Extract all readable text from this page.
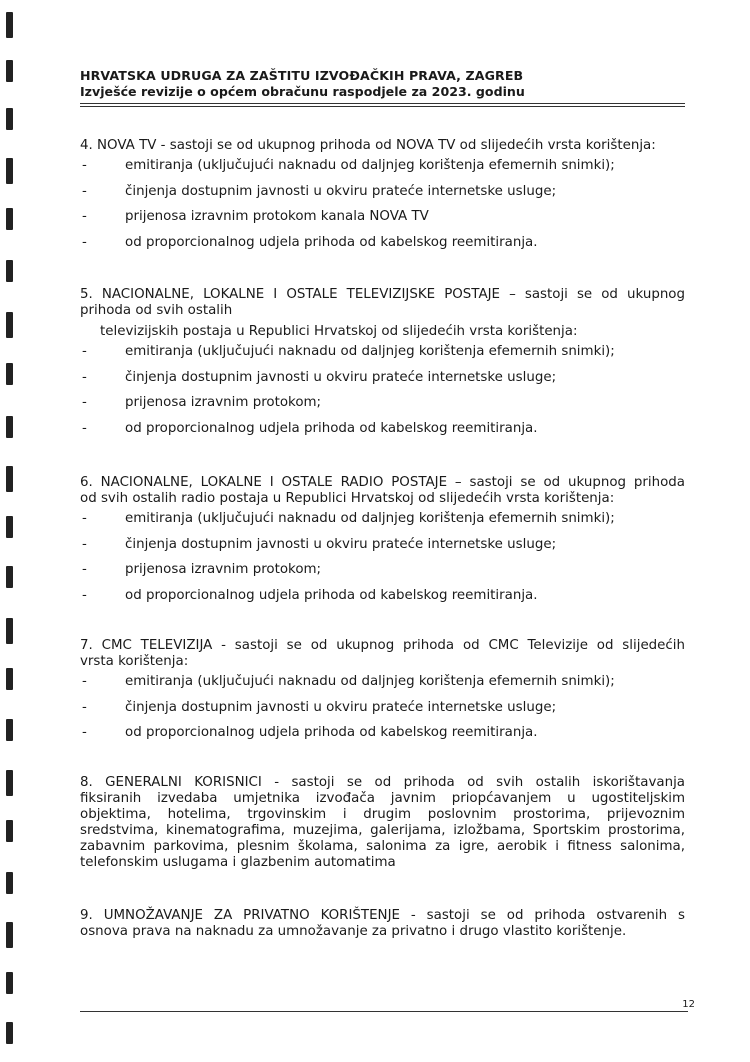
HRVATSKA UDRUGA ZA ZAŠTITU IZVOĐAČKIH PRAVA, ZAGREB
Izvješće revizije o općem obračunu raspodjele za 2023. godinu
4. NOVA TV - sastoji se od ukupnog prihoda od NOVA TV od slijedećih vrsta korištenja:
-	emitiranja (uključujući naknadu od daljnjeg korištenja efemernih snimki);
-	činjenja dostupnim javnosti u okviru prateće internetske usluge;
-	prijenosa izravnim protokom kanala NOVA TV
-	od proporcionalnog udjela prihoda od kabelskog reemitiranja.
5. NACIONALNE, LOKALNE I OSTALE TELEVIZIJSKE POSTAJE – sastoji se od ukupnog
prihoda od svih ostalih
televizijskih postaja u Republici Hrvatskoj od slijedećih vrsta korištenja:
-	emitiranja (uključujući naknadu od daljnjeg korištenja efemernih snimki);
-	činjenja dostupnim javnosti u okviru prateće internetske usluge;
-	prijenosa izravnim protokom;
-	od proporcionalnog udjela prihoda od kabelskog reemitiranja.
6. NACIONALNE, LOKALNE I OSTALE RADIO POSTAJE – sastoji se od ukupnog prihoda
od svih ostalih radio postaja u Republici Hrvatskoj od slijedećih vrsta korištenja:
-	emitiranja (uključujući naknadu od daljnjeg korištenja efemernih snimki);
-	činjenja dostupnim javnosti u okviru prateće internetske usluge;
-	prijenosa izravnim protokom;
-	od proporcionalnog udjela prihoda od kabelskog reemitiranja.
7. CMC TELEVIZIJA - sastoji se od ukupnog prihoda od CMC Televizije od slijedećih
vrsta korištenja:
-	emitiranja (uključujući naknadu od daljnjeg korištenja efemernih snimki);
-	činjenja dostupnim javnosti u okviru prateće internetske usluge;
-	od proporcionalnog udjela prihoda od kabelskog reemitiranja.
8. GENERALNI KORISNICI - sastoji se od prihoda od svih ostalih iskorištavanja
fiksiranih izvedaba umjetnika izvođača javnim priopćavanjem u ugostiteljskim
objektima, hotelima, trgovinskim i drugim poslovnim prostorima, prijevoznim
sredstvima, kinematografima, muzejima, galerijama, izložbama, Sportskim prostorima,
zabavnim parkovima, plesnim školama, salonima za igre, aerobik i fitness salonima,
telefonskim uslugama i glazbenim automatima
9. UMNOŽAVANJE ZA PRIVATNO KORIŠTENJE - sastoji se od prihoda ostvarenih s
osnova prava na naknadu za umnožavanje za privatno i drugo vlastito korištenje.
12
